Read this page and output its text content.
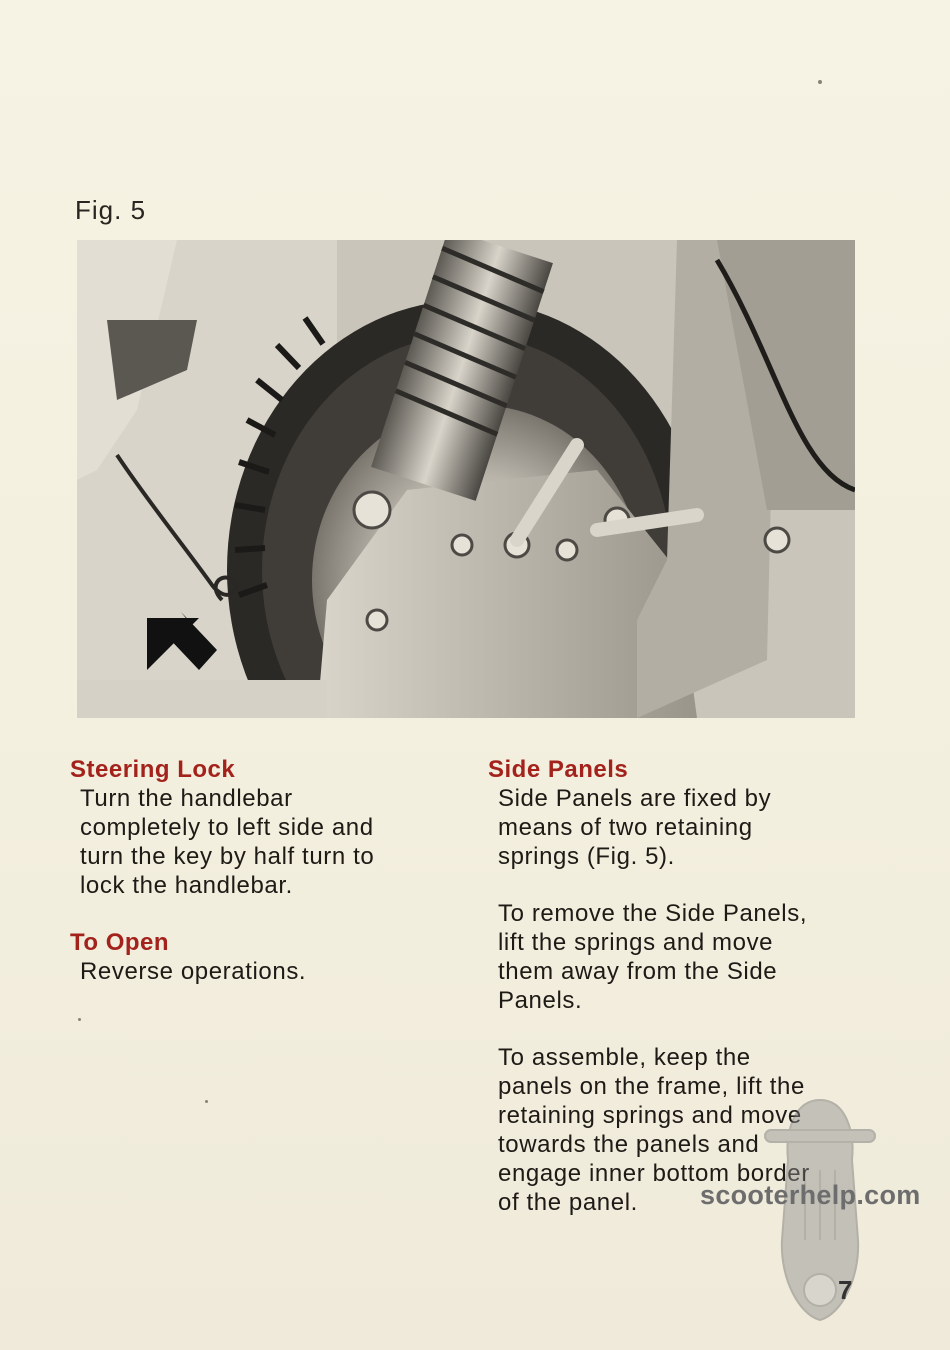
Fig. 5
Steering Lock

Turn the handlebar
completely to left side and
turn the key by half turn to
lock the handlebar.

To Open

Reverse operations.

Side Panels

Side Panels are fixed by
means of two retaining
springs (Fig. 5).

To remove the Side Panels,
lift the springs and move
them away from the Side
Panels.

To assemble, keep the
panels on the frame, lift the
retaining springs and move
towards the panels and
engage inner bottom border
of the panel.	scooterhelp.com
7
